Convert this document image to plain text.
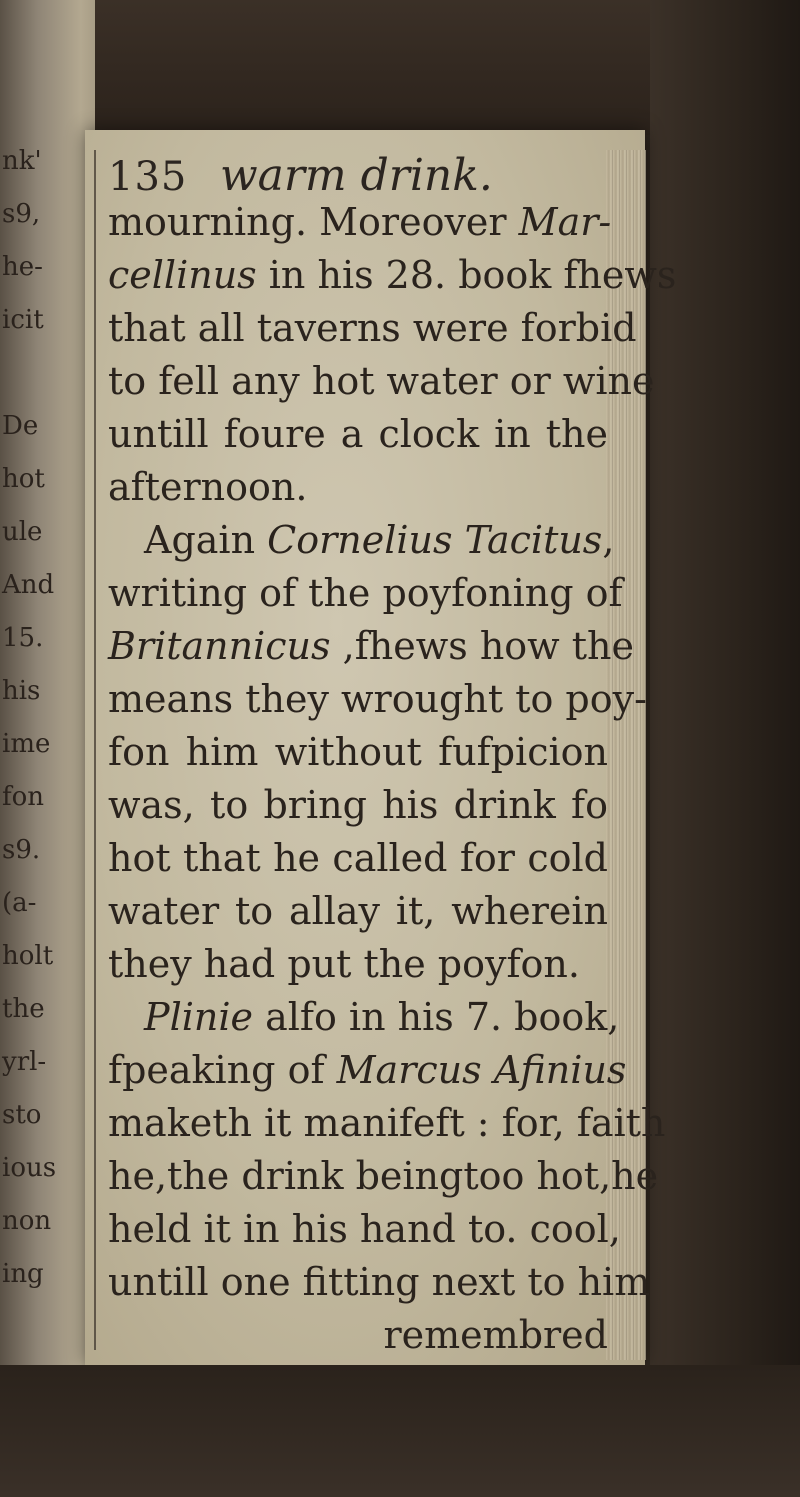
nk'
s9,
he-
icit
De
hot
ule
And
15.
his
ime
fon
s9.
(a-
holt
the
yrl-
sto
ious
non
ing
135 warm drink.
mourning. Moreover Mar-
cellinus in his 28. book fhews
that all taverns were forbid
to fell any hot water or wine
untill foure a clock in the
afternoon.
Again Cornelius Tacitus,
writing of the poyfoning of
Britannicus ,fhews how the
means they wrought to poy-
fon him without fufpicion
was, to bring his drink fo
hot that he called for cold
water to allay it, wherein
they had put the poyfon.
Plinie alfo in his 7. book,
fpeaking of Marcus Afinius
maketh it manifeft : for, faith
he,the drink beingtoo hot,he
held it in his hand to. cool,
untill one fitting next to him
remembred
